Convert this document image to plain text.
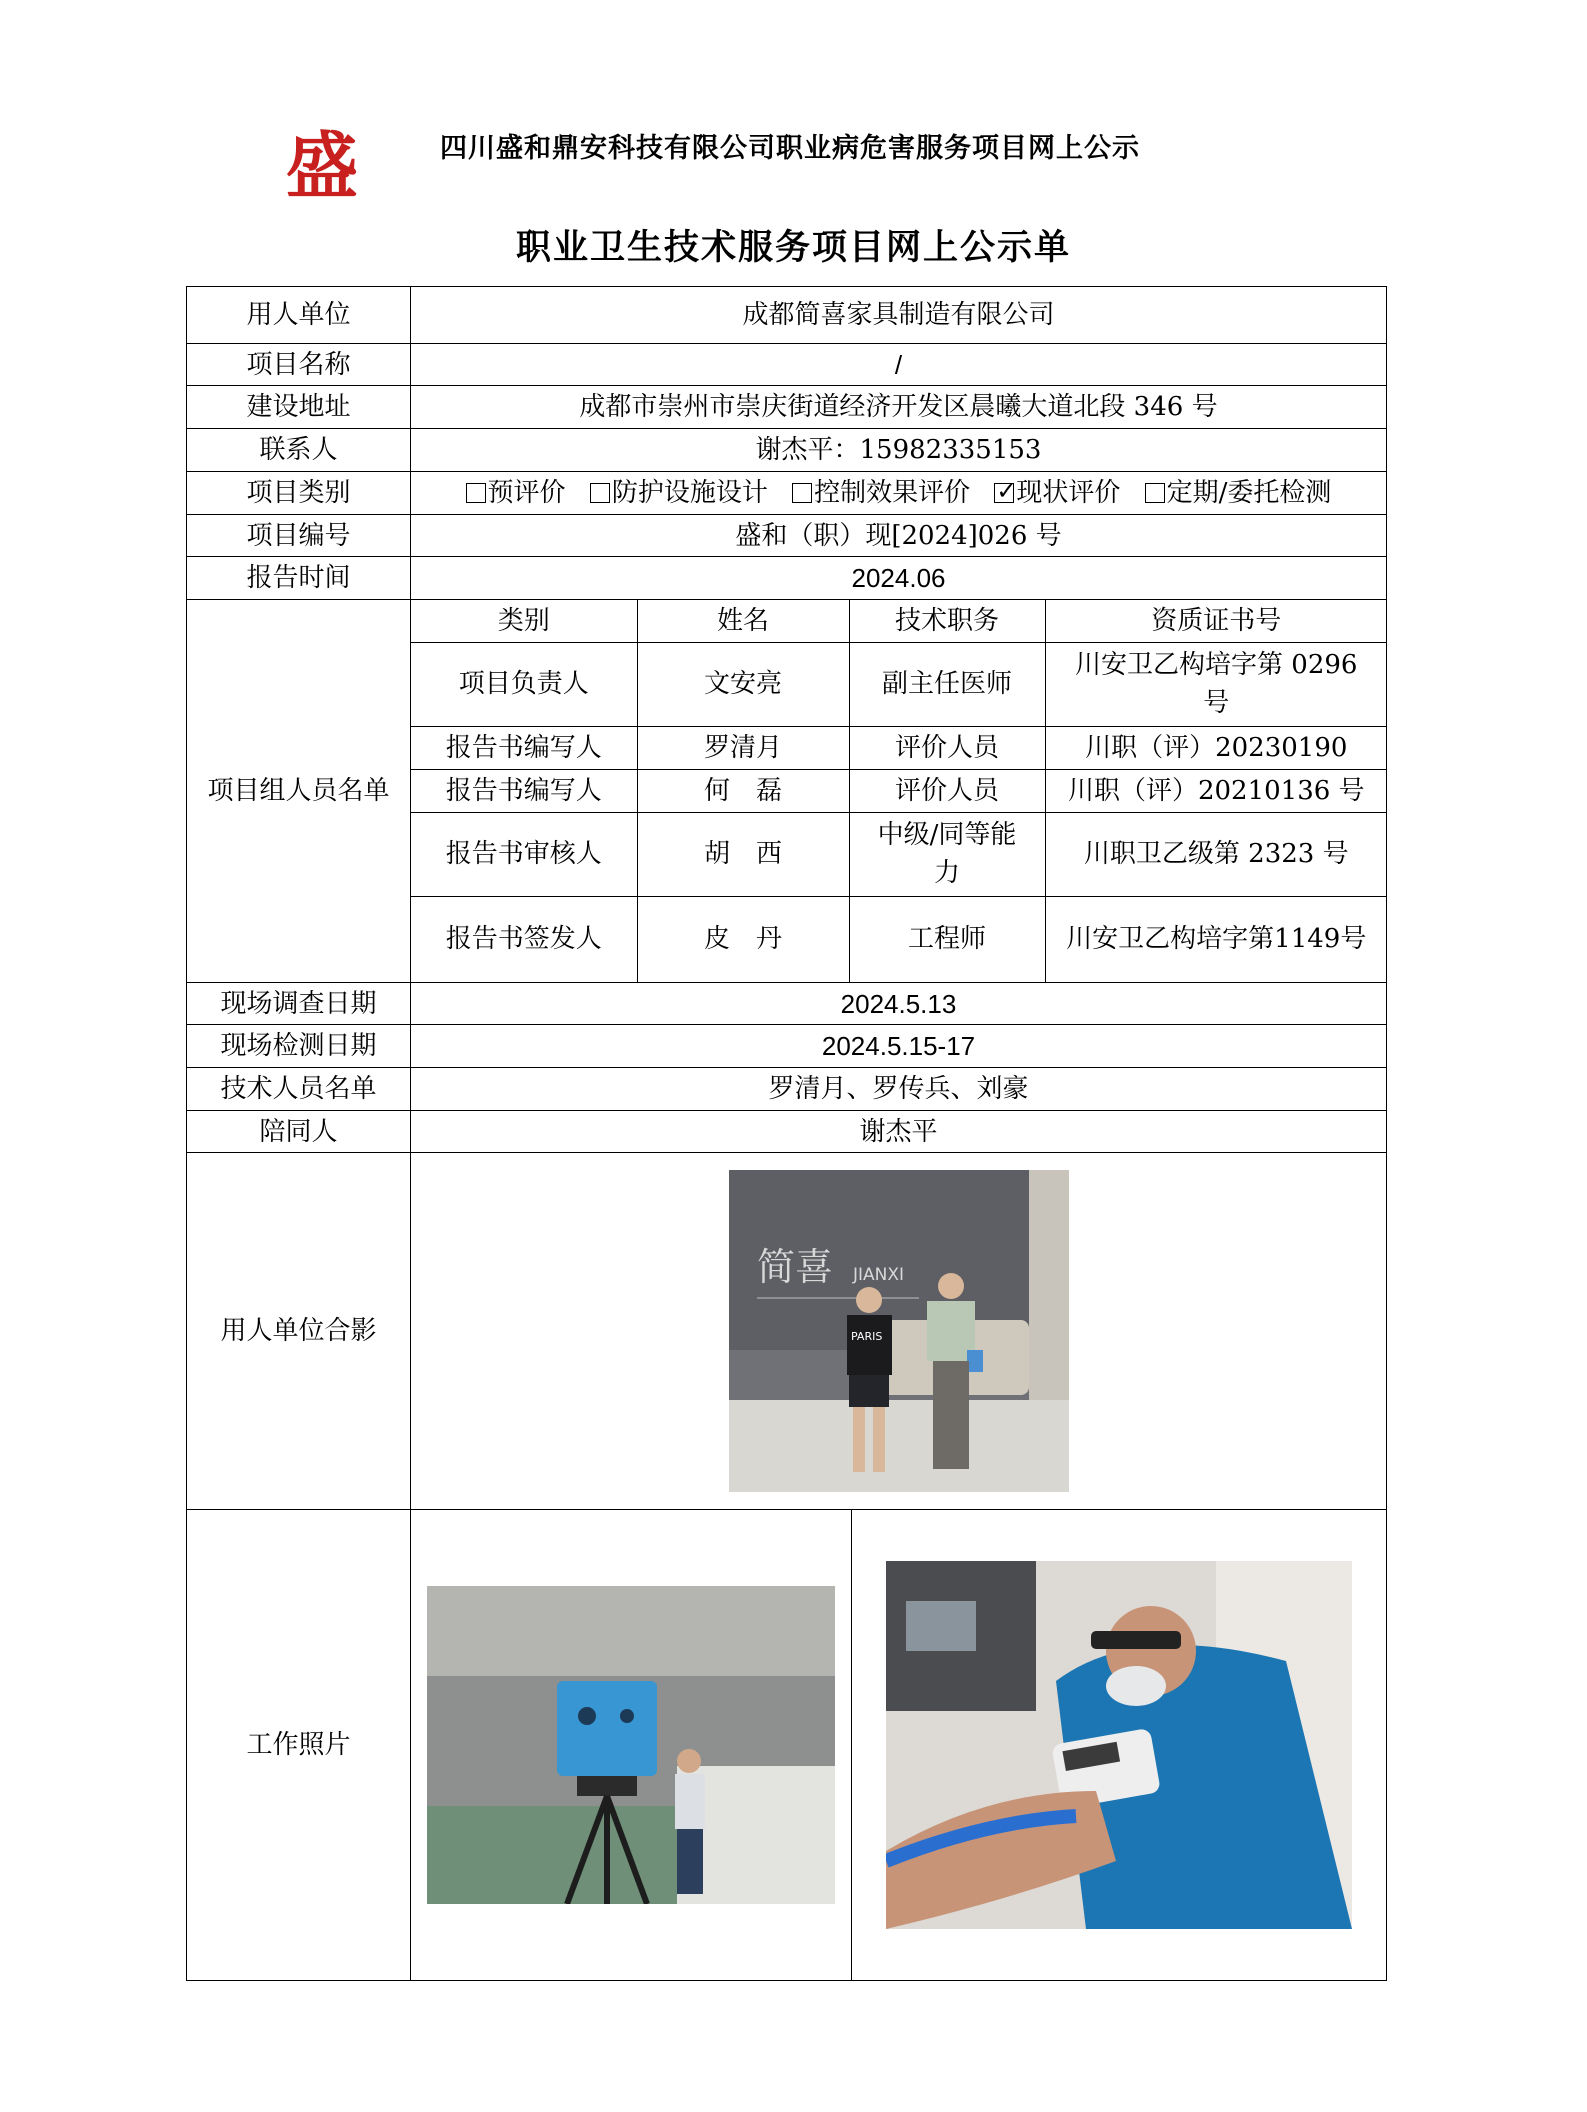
盛	四川盛和鼎安科技有限公司职业病危害服务项目网上公示
职业卫生技术服务项目网上公示单
用人单位	成都简喜家具制造有限公司
项目名称	/
建设地址	成都市崇州市崇庆街道经济开发区晨曦大道北段 346 号
联系人	谢杰平：15982335153
项目类别	预评价 防护设施设计 控制效果评价 ✓ 现状评价 定期/委托检测
项目编号	盛和（职）现[2024]026 号
报告时间	2024.06
项目组人员名单	
类别	姓名	技术职务	资质证书号
项目负责人	文安亮	副主任医师	川安卫乙构培字第 0296 号
报告书编写人	罗清月	评价人员	川职（评）20230190
报告书编写人	何　磊	评价人员	川职（评）20210136 号
报告书审核人	胡　西	中级/同等能力	川职卫乙级第 2323 号
报告书签发人	皮　丹	工程师	川安卫乙构培字第1149号

现场调查日期	2024.5.13
现场检测日期	2024.5.15-17
技术人员名单	罗清月、罗传兵、刘豪
陪同人	谢杰平
用人单位合影	
简喜 JIANXI
PARIS

工作照片	
